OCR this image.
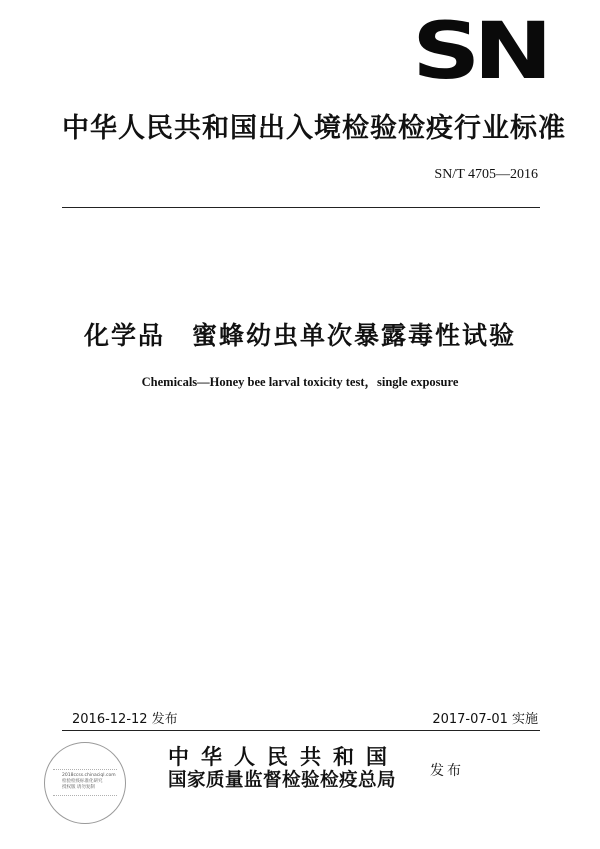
SN
中华人民共和国出入境检验检疫行业标准
SN/T 4705—2016
化学品　蜜蜂幼虫单次暴露毒性试验
Chemicals—Honey bee larval toxicity test，single exposure
2016-12-12 发布	2017-07-01 实施
2018ccss.chinaciql.com
检验检疫标准化研究
授权版 请勿复制
中华人民共和国
国家质量监督检验检疫总局 发布
